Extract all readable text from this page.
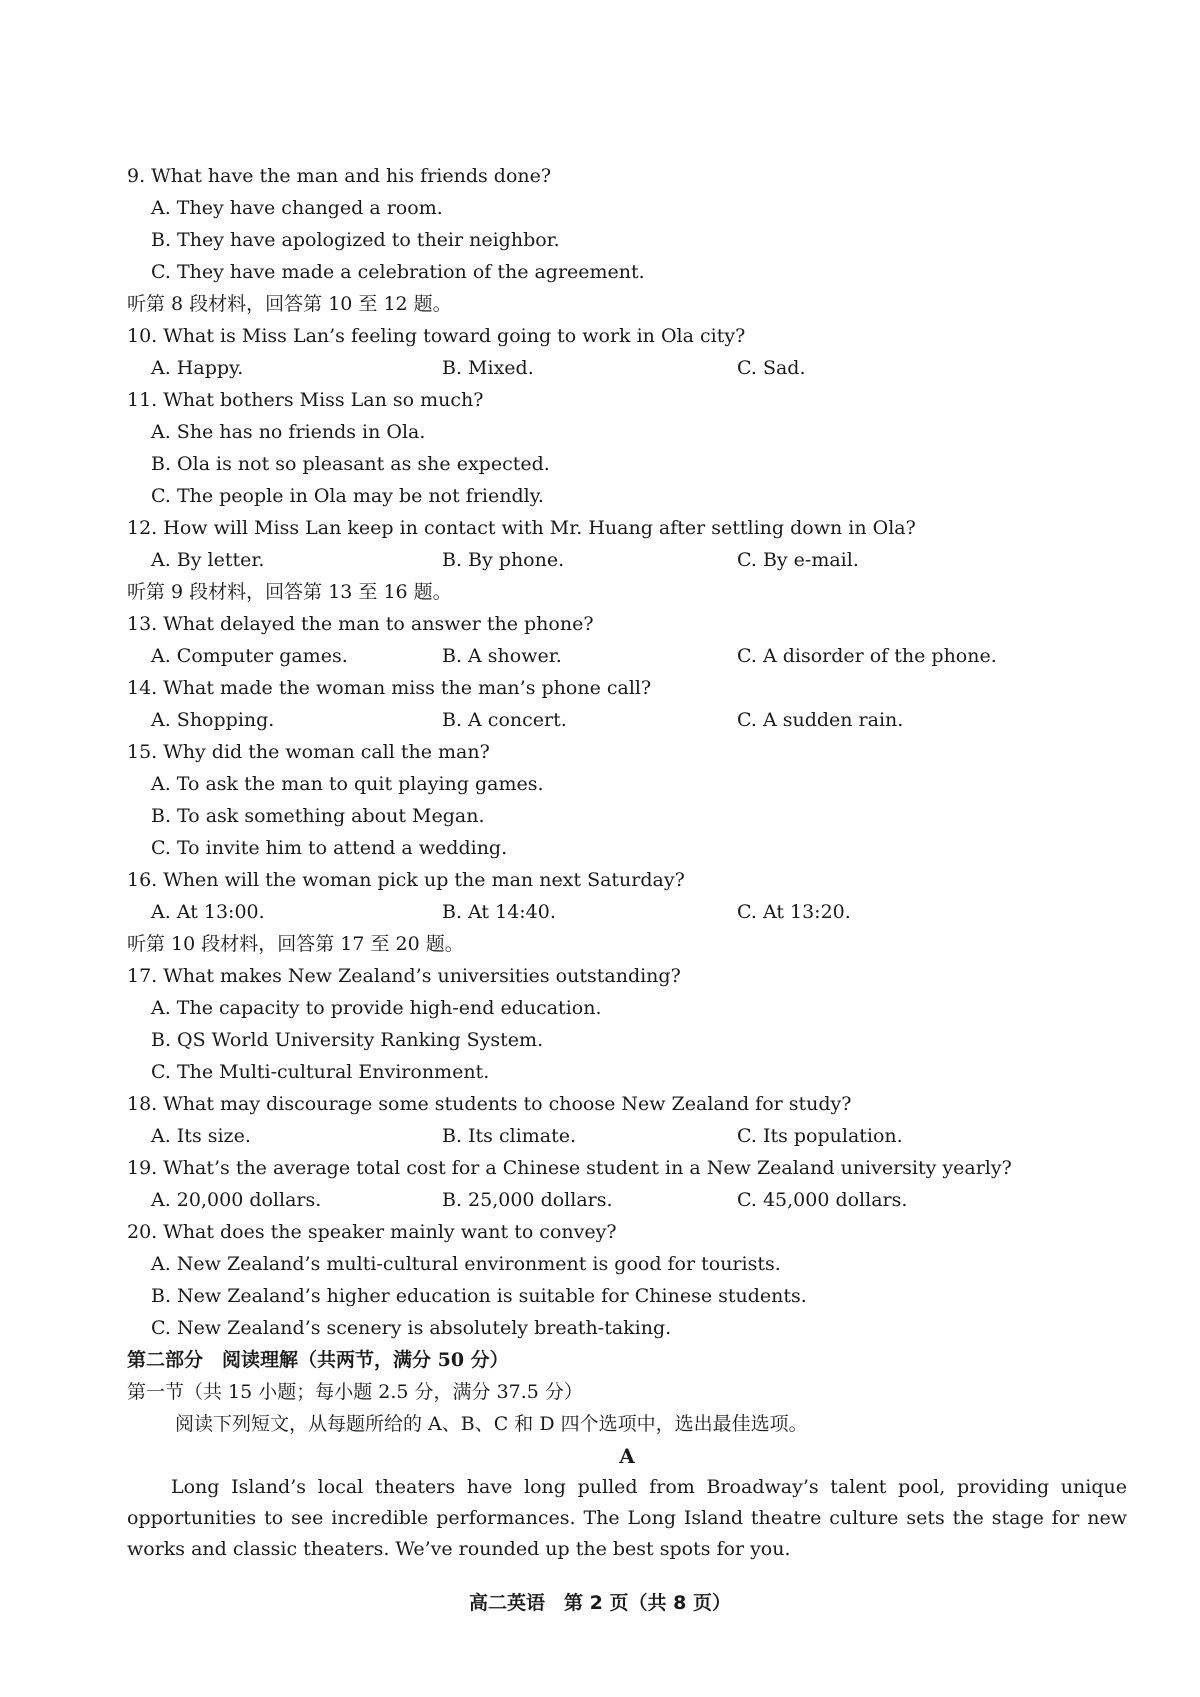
9. What have the man and his friends done?
A. They have changed a room.
B. They have apologized to their neighbor.
C. They have made a celebration of the agreement.
听第 8 段材料，回答第 10 至 12 题。
10. What is Miss Lan’s feeling toward going to work in Ola city?
A. Happy.	B. Mixed.	C. Sad.
11. What bothers Miss Lan so much?
A. She has no friends in Ola.
B. Ola is not so pleasant as she expected.
C. The people in Ola may be not friendly.
12. How will Miss Lan keep in contact with Mr. Huang after settling down in Ola?
A. By letter.	B. By phone.	C. By e-mail.
听第 9 段材料，回答第 13 至 16 题。
13. What delayed the man to answer the phone?
A. Computer games.	B. A shower.	C. A disorder of the phone.
14. What made the woman miss the man’s phone call?
A. Shopping.	B. A concert.	C. A sudden rain.
15. Why did the woman call the man?
A. To ask the man to quit playing games.
B. To ask something about Megan.
C. To invite him to attend a wedding.
16. When will the woman pick up the man next Saturday?
A. At 13:00.	B. At 14:40.	C. At 13:20.
听第 10 段材料，回答第 17 至 20 题。
17. What makes New Zealand’s universities outstanding?
A. The capacity to provide high-end education.
B. QS World University Ranking System.
C. The Multi-cultural Environment.
18. What may discourage some students to choose New Zealand for study?
A. Its size.	B. Its climate.	C. Its population.
19. What’s the average total cost for a Chinese student in a New Zealand university yearly?
A. 20,000 dollars.	B. 25,000 dollars.	C. 45,000 dollars.
20. What does the speaker mainly want to convey?
A. New Zealand’s multi-cultural environment is good for tourists.
B. New Zealand’s higher education is suitable for Chinese students.
C. New Zealand’s scenery is absolutely breath-taking.
第二部分　阅读理解（共两节，满分 50 分）
第一节（共 15 小题；每小题 2.5 分，满分 37.5 分）
阅读下列短文，从每题所给的 A、B、C 和 D 四个选项中，选出最佳选项。
A

Long Island’s local theaters have long pulled from Broadway’s talent pool, providing unique opportunities to see incredible performances. The Long Island theatre culture sets the stage for new works and classic theaters. We’ve rounded up the best spots for you.

高二英语　第 2 页（共 8 页）
